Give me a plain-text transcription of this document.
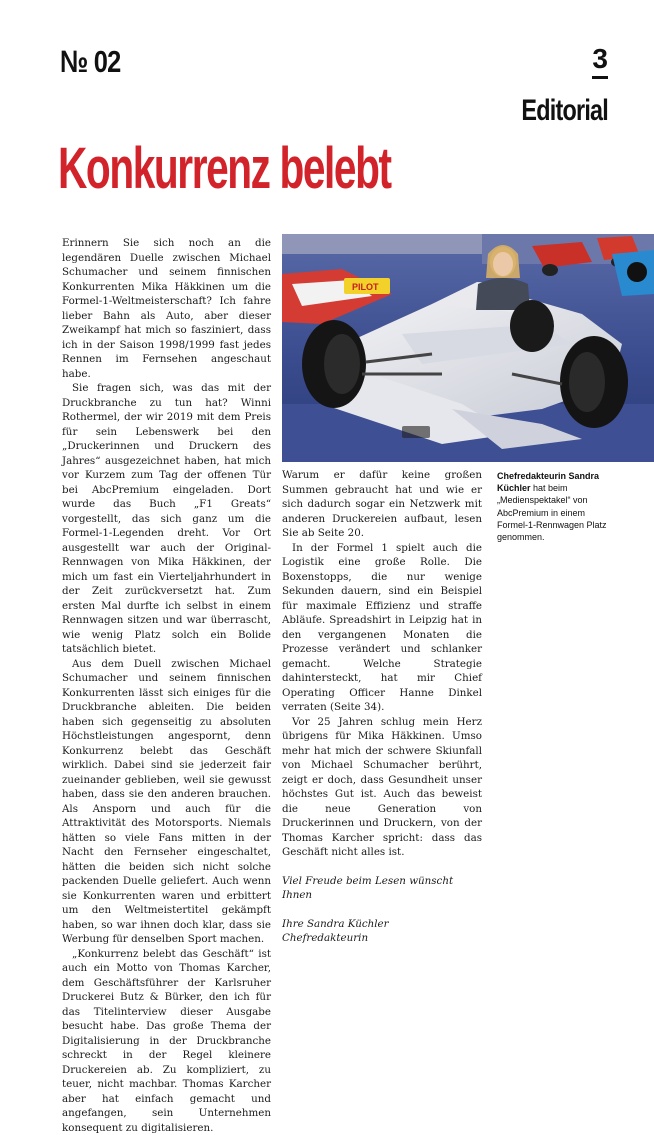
№ 02	3
Editorial
Konkurrenz belebt

Erinnern Sie sich noch an die legendären Duelle zwischen Michael Schumacher und seinem finnischen Konkurrenten Mika Häkkinen um die Formel-1-Weltmeisterschaft? Ich fahre lieber Bahn als Auto, aber dieser Zweikampf hat mich so fasziniert, dass ich in der Saison 1998/1999 fast jedes Rennen im Fernsehen angeschaut habe.

Sie fragen sich, was das mit der Druckbranche zu tun hat? Winni Rothermel, der wir 2019 mit dem Preis für sein Lebenswerk bei den „Druckerinnen und Druckern des Jahres“ ausgezeichnet haben, hat mich vor Kurzem zum Tag der offenen Tür bei AbcPremium eingeladen. Dort wurde das Buch „F1 Greats“ vorgestellt, das sich ganz um die Formel-1-Legenden dreht. Vor Ort ausgestellt war auch der Original-Rennwagen von Mika Häkkinen, der mich um fast ein Vierteljahrhundert in der Zeit zurückversetzt hat. Zum ersten Mal durfte ich selbst in einem Rennwagen sitzen und war überrascht, wie wenig Platz solch ein Bolide tatsächlich bietet.

Aus dem Duell zwischen Michael Schumacher und seinem finnischen Konkurrenten lässt sich einiges für die Druckbranche ableiten. Die beiden haben sich gegenseitig zu absoluten Höchstleistungen angespornt, denn Konkurrenz belebt das Geschäft wirklich. Dabei sind sie jederzeit fair zueinander geblieben, weil sie gewusst haben, dass sie den anderen brauchen. Als Ansporn und auch für die Attraktivität des Motorsports. Niemals hätten so viele Fans mitten in der Nacht den Fernseher eingeschaltet, hätten die beiden sich nicht solche packenden Duelle geliefert. Auch wenn sie Konkurrenten waren und erbittert um den Weltmeistertitel gekämpft haben, so war ihnen doch klar, dass sie Werbung für denselben Sport machen.

„Konkurrenz belebt das Geschäft“ ist auch ein Motto von Thomas Karcher, dem Geschäftsführer der Karlsruher Druckerei Butz & Bürker, den ich für das Titelinterview dieser Ausgabe besucht habe. Das große Thema der Digitalisierung in der Druckbranche schreckt in der Regel kleinere Druckereien ab. Zu kompliziert, zu teuer, nicht machbar. Thomas Karcher aber hat einfach gemacht und angefangen, sein Unternehmen konsequent zu digitalisieren.

PILOT
Chefredakteurin Sandra Küchler hat beim „Medienspektakel“ von AbcPremium in einem Formel-1-Rennwagen Platz genommen.

Warum er dafür keine großen Summen gebraucht hat und wie er sich dadurch sogar ein Netzwerk mit anderen Druckereien aufbaut, lesen Sie ab Seite 20.

In der Formel 1 spielt auch die Logistik eine große Rolle. Die Boxenstopps, die nur wenige Sekunden dauern, sind ein Beispiel für maximale Effizienz und straffe Abläufe. Spreadshirt in Leipzig hat in den vergangenen Monaten die Prozesse verändert und schlanker gemacht. Welche Strategie dahintersteckt, hat mir Chief Operating Officer Hanne Dinkel verraten (Seite 34).

Vor 25 Jahren schlug mein Herz übrigens für Mika Häkkinen. Umso mehr hat mich der schwere Skiunfall von Michael Schumacher berührt, zeigt er doch, dass Gesundheit unser höchstes Gut ist. Auch das beweist die neue Generation von Druckerinnen und Druckern, von der Thomas Karcher spricht: dass das Geschäft nicht alles ist.

Viel Freude beim Lesen wünscht Ihnen

Ihre Sandra Küchler

Chefredakteurin
